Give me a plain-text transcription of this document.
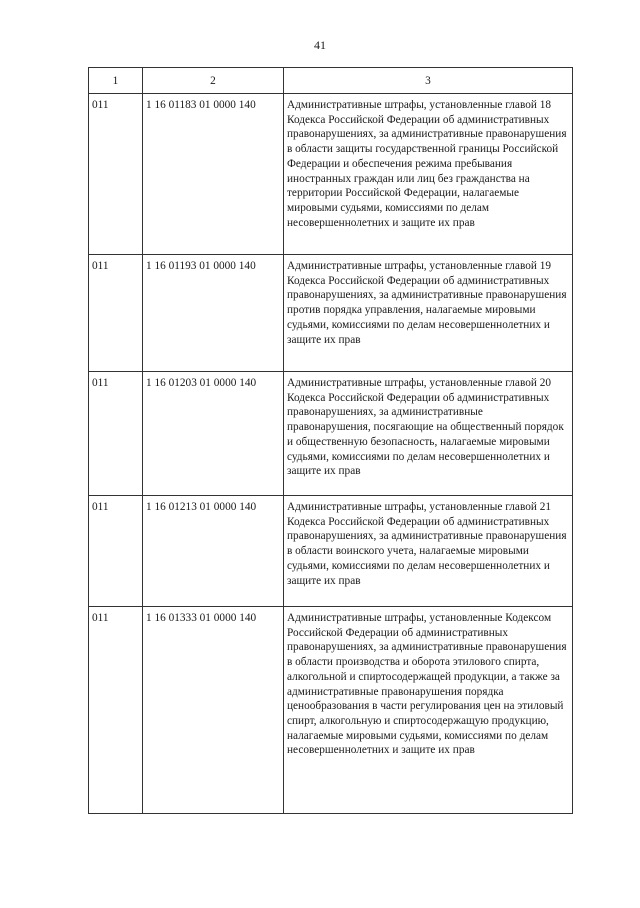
41
1	2	3
011	1 16 01183 01 0000 140	Административные штрафы, установленные главой 18 Кодекса Российской Федерации об административных правонарушениях, за административные правонарушения в области защиты государственной границы Российской Федерации и обеспечения режима пребывания иностранных граждан или лиц без гражданства на территории Российской Федерации, налагаемые мировыми судьями, комиссиями по делам несовершеннолетних и защите их прав
011	1 16 01193 01 0000 140	Административные штрафы, установленные главой 19 Кодекса Российской Федерации об административных правонарушениях, за административные правонарушения против порядка управления, налагаемые мировыми судьями, комиссиями по делам несовершеннолетних и защите их прав
011	1 16 01203 01 0000 140	Административные штрафы, установленные главой 20 Кодекса Российской Федерации об административных правонарушениях, за административные правонарушения, посягающие на общественный порядок и общественную безопасность, налагаемые мировыми судьями, комиссиями по делам несовершеннолетних и защите их прав
011	1 16 01213 01 0000 140	Административные штрафы, установленные главой 21 Кодекса Российской Федерации об административных правонарушениях, за административные правонарушения в области воинского учета, налагаемые мировыми судьями, комиссиями по делам несовершеннолетних и защите их прав
011	1 16 01333 01 0000 140	Административные штрафы, установленные Кодексом Российской Федерации об административных правонарушениях, за административные правонарушения в области производства и оборота этилового спирта, алкогольной и спиртосодержащей продукции, а также за административные правонарушения порядка ценообразования в части регулирования цен на этиловый спирт, алкогольную и спиртосодержащую продукцию, налагаемые мировыми судьями, комиссиями по делам несовершеннолетних и защите их прав
